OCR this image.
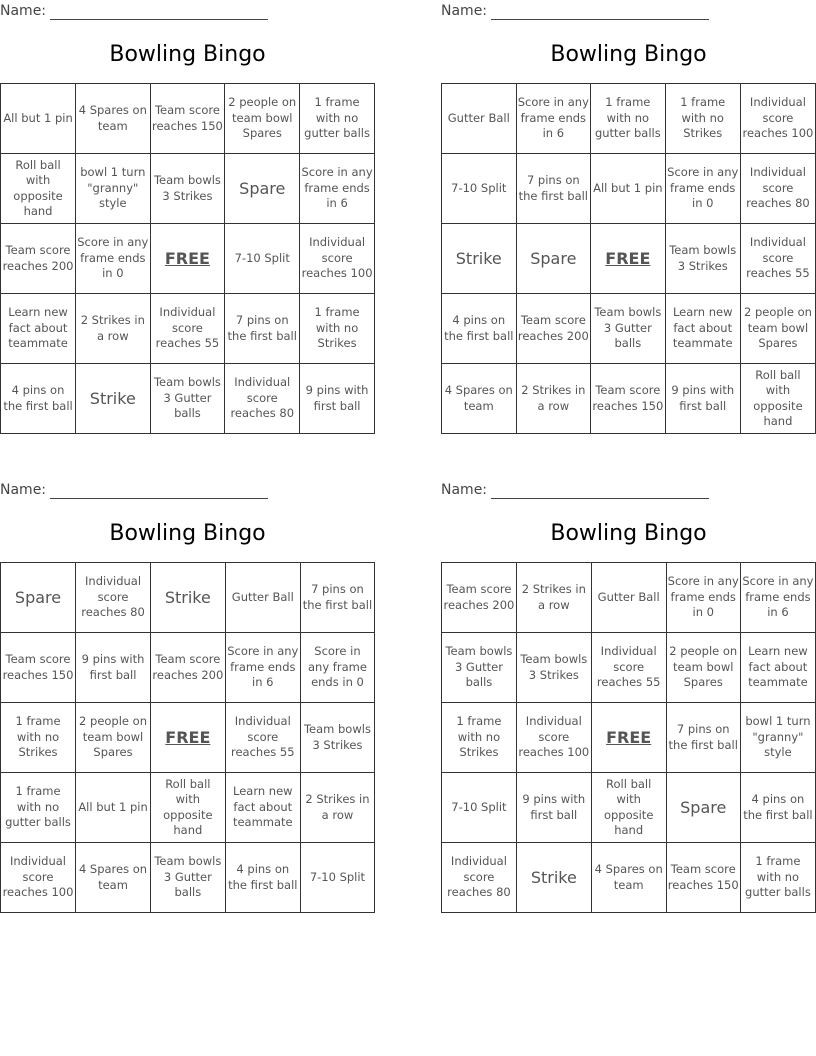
Name:
Bowling Bingo
All but 1 pin	4 Spares on team	Team score reaches 150	2 people on team bowl Spares	1 frame with no gutter balls
Roll ball with opposite hand	bowl 1 turn "granny" style	Team bowls 3 Strikes	Spare	Score in any frame ends in 6
Team score reaches 200	Score in any frame ends in 0	FREE	7-10 Split	Individual score reaches 100
Learn new fact about teammate	2 Strikes in a row	Individual score reaches 55	7 pins on the first ball	1 frame with no Strikes
4 pins on the first ball	Strike	Team bowls 3 Gutter balls	Individual score reaches 80	9 pins with first ball
Name:
Bowling Bingo
Gutter Ball	Score in any frame ends in 6	1 frame with no gutter balls	1 frame with no Strikes	Individual score reaches 100
7-10 Split	7 pins on the first ball	All but 1 pin	Score in any frame ends in 0	Individual score reaches 80
Strike	Spare	FREE	Team bowls 3 Strikes	Individual score reaches 55
4 pins on the first ball	Team score reaches 200	Team bowls 3 Gutter balls	Learn new fact about teammate	2 people on team bowl Spares
4 Spares on team	2 Strikes in a row	Team score reaches 150	9 pins with first ball	Roll ball with opposite hand
Name:
Bowling Bingo
Spare	Individual score reaches 80	Strike	Gutter Ball	7 pins on the first ball
Team score reaches 150	9 pins with first ball	Team score reaches 200	Score in any frame ends in 6	Score in any frame ends in 0
1 frame with no Strikes	2 people on team bowl Spares	FREE	Individual score reaches 55	Team bowls 3 Strikes
1 frame with no gutter balls	All but 1 pin	Roll ball with opposite hand	Learn new fact about teammate	2 Strikes in a row
Individual score reaches 100	4 Spares on team	Team bowls 3 Gutter balls	4 pins on the first ball	7-10 Split
Name:
Bowling Bingo
Team score reaches 200	2 Strikes in a row	Gutter Ball	Score in any frame ends in 0	Score in any frame ends in 6
Team bowls 3 Gutter balls	Team bowls 3 Strikes	Individual score reaches 55	2 people on team bowl Spares	Learn new fact about teammate
1 frame with no Strikes	Individual score reaches 100	FREE	7 pins on the first ball	bowl 1 turn "granny" style
7-10 Split	9 pins with first ball	Roll ball with opposite hand	Spare	4 pins on the first ball
Individual score reaches 80	Strike	4 Spares on team	Team score reaches 150	1 frame with no gutter balls
